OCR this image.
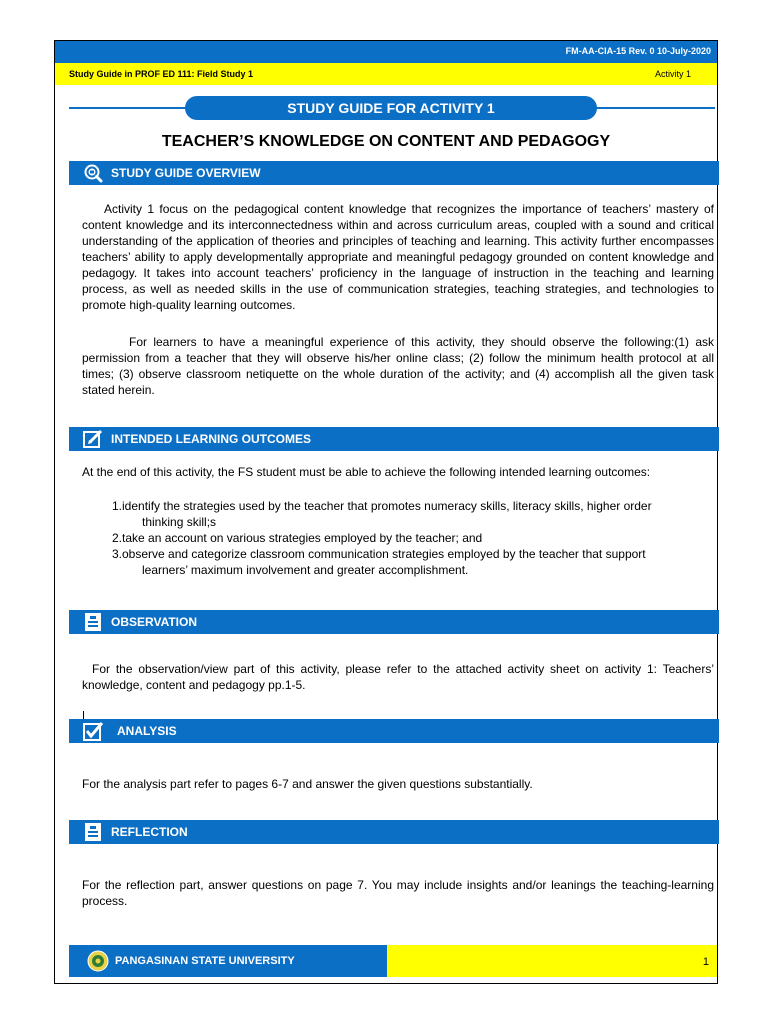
FM-AA-CIA-15 Rev. 0 10-July-2020
Study Guide in PROF ED 111: Field Study 1	Activity 1
STUDY GUIDE FOR ACTIVITY 1
TEACHER’S KNOWLEDGE ON CONTENT AND PEDAGOGY
STUDY GUIDE OVERVIEW
Activity 1 focus on the pedagogical content knowledge that recognizes the importance of teachers’ mastery of content knowledge and its interconnectedness within and across curriculum areas, coupled with a sound and critical understanding of the application of theories and principles of teaching and learning. This activity further encompasses teachers’ ability to apply developmentally appropriate and meaningful pedagogy grounded on content knowledge and pedagogy. It takes into account teachers’ proficiency in the language of instruction in the teaching and learning process, as well as needed skills in the use of communication strategies, teaching strategies, and technologies to promote high-quality learning outcomes.
For learners to have a meaningful experience of this activity, they should observe the following:(1) ask permission from a teacher that they will observe his/her online class; (2) follow the minimum health protocol at all times; (3) observe classroom netiquette on the whole duration of the activity; and (4) accomplish all the given task stated herein.
INTENDED LEARNING OUTCOMES
At the end of this activity, the FS student must be able to achieve the following intended learning outcomes:
1.identify the strategies used by the teacher that promotes numeracy skills, literacy skills, higher order
thinking skill;s
2.take an account on various strategies employed by the teacher; and
3.observe and categorize classroom communication strategies employed by the teacher that support
learners’ maximum involvement and greater accomplishment.
OBSERVATION
For the observation/view part of this activity, please refer to the attached activity sheet on activity 1: Teachers’ knowledge, content and pedagogy pp.1-5.
ANALYSIS
For the analysis part refer to pages 6-7 and answer the given questions substantially.
REFLECTION
For the reflection part, answer questions on page 7. You may include insights and/or leanings the teaching-learning process.
PANGASINAN STATE UNIVERSITY	1
